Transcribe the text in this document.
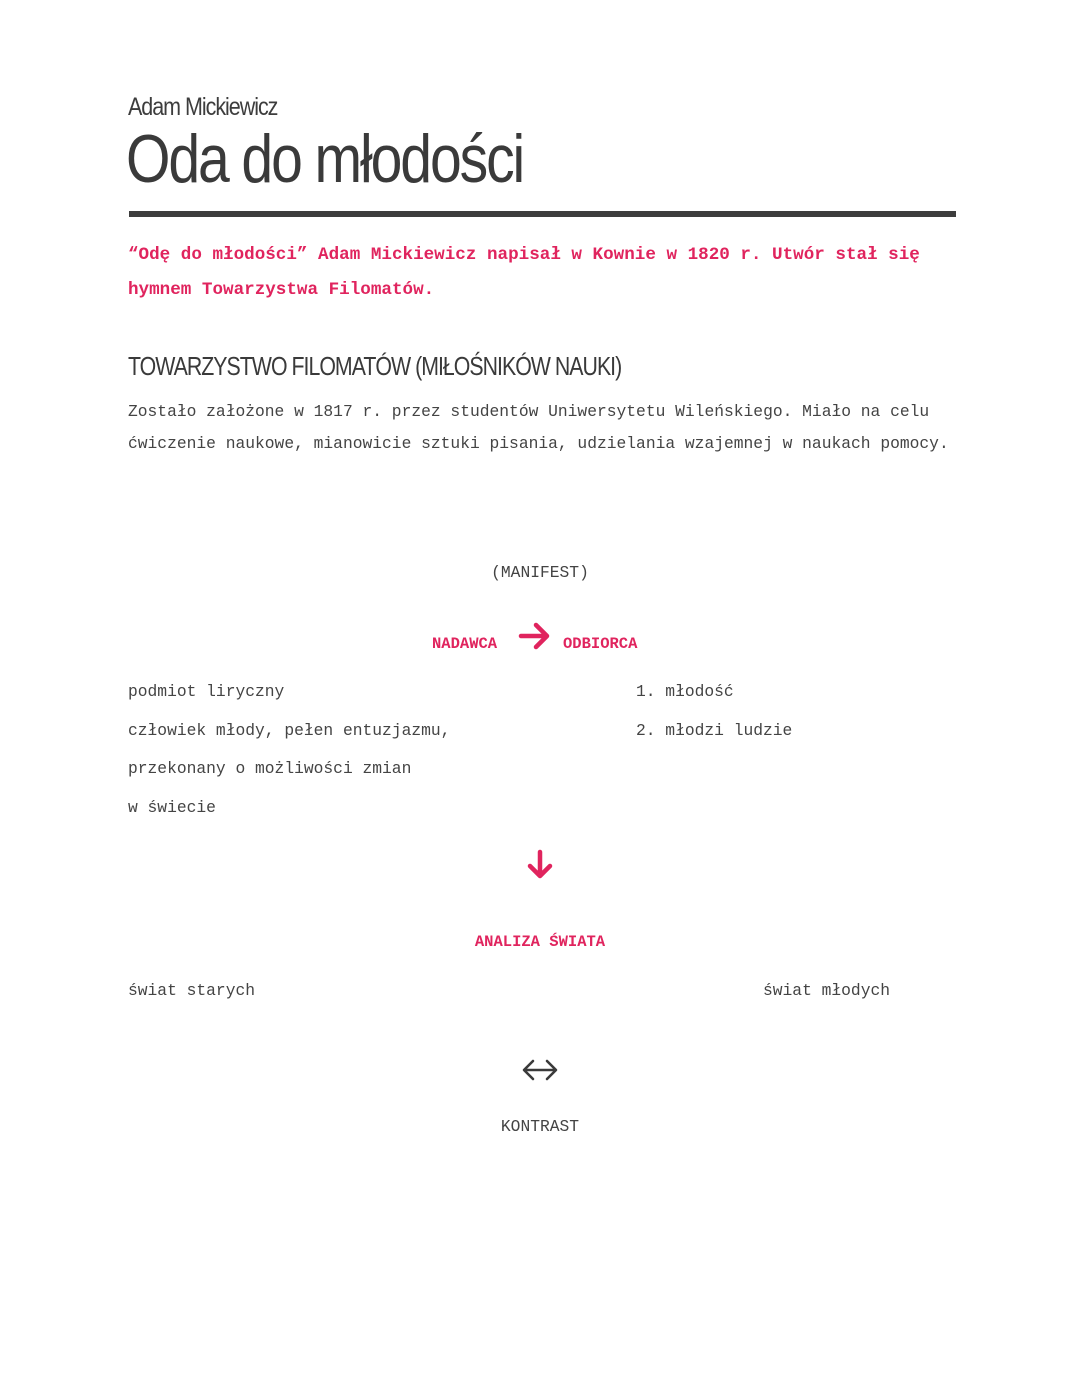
Adam Mickiewicz
Oda do młodości
“Odę do młodości” Adam Mickiewicz napisał w Kownie w 1820 r. Utwór stał się hymnem Towarzystwa Filomatów.
TOWARZYSTWO FILOMATÓW (MIŁOŚNIKÓW NAUKI)
Zostało założone w 1817 r. przez studentów Uniwersytetu Wileńskiego. Miało na celu ćwiczenie naukowe, mianowicie sztuki pisania, udzielania wzajemnej w naukach pomocy.
(MANIFEST)
NADAWCA	ODBIORCA
podmiot liryczny
człowiek młody, pełen entuzjazmu,
przekonany o możliwości zmian
w świecie
1. młodość
2. młodzi ludzie
ANALIZA ŚWIATA
świat starych	świat młodych
KONTRAST
